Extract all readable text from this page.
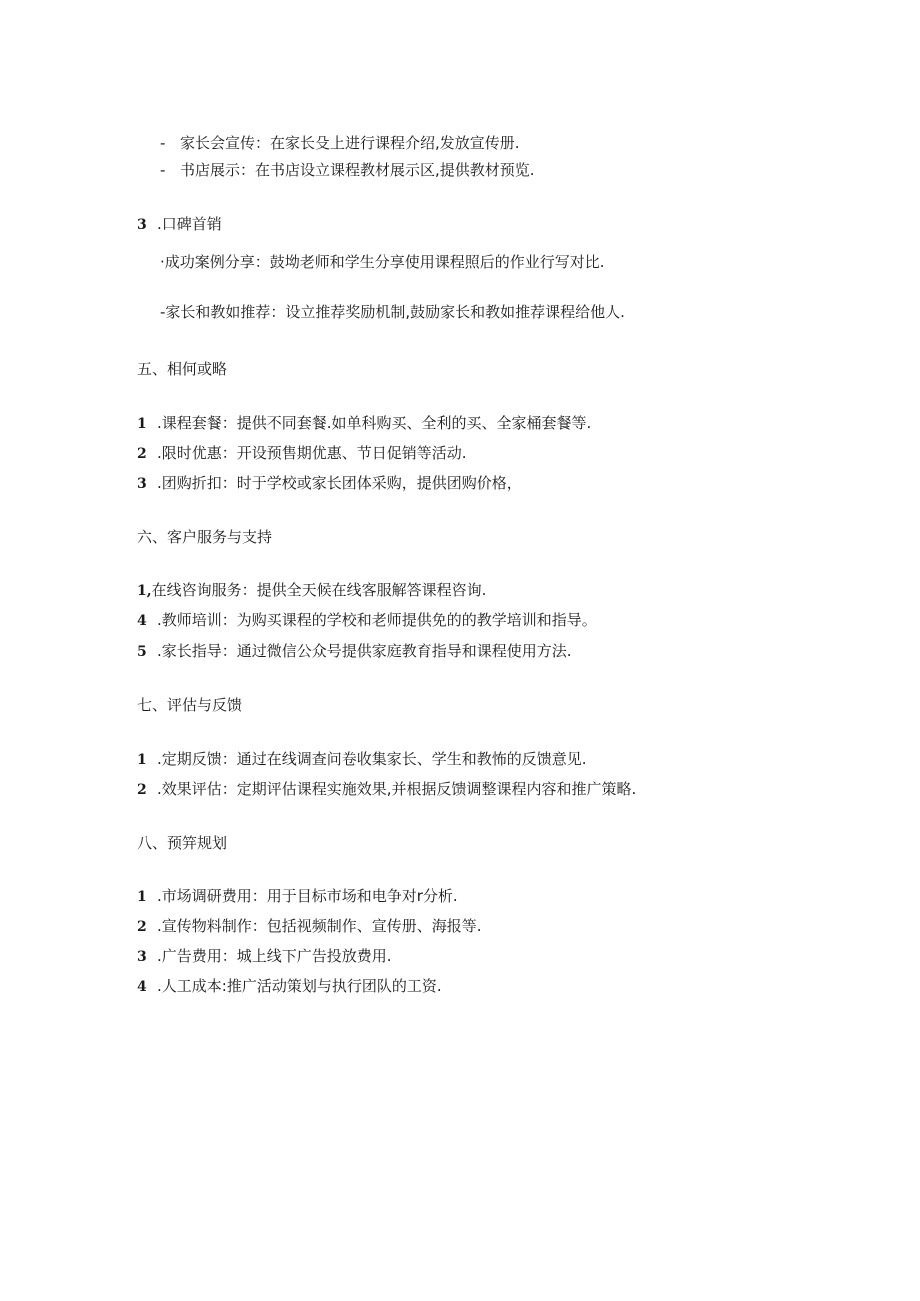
- 家长会宣传：在家长殳上进行课程介绍,发放宣传册.
- 书店展示：在书店设立课程教材展示区,提供教材预览.
3 .口碑首销
·成功案例分享：鼓坳老师和学生分享使用课程照后的作业行写对比.
-家长和教如推荐：设立推荐奖励机制,鼓励家长和教如推荐课程给他人.
五、相何或略
1 .课程套餐：提供不同套餐.如单科购买、全利的买、全家桶套餐等.
2 .限时优惠：开设预售期优惠、节日促销等活动.
3 .团购折扣：时于学校或家长团体采购，提供团购价格，
六、客户服务与支持
1,在线咨询服务：提供全天候在线客服解答课程咨询.
4 .教师培训：为购买课程的学校和老师提供免的的教学培训和指导。
5 .家长指导：通过微信公众号提供家庭教育指导和课程使用方法.
七、评估与反馈
1 .定期反馈：通过在线调查问卷收集家长、学生和教怖的反馈意见.
2 .效果评估：定期评估课程实施效果,并根据反馈调整课程内容和推广策略.
八、预笄规划
1 .市场调研费用：用于目标市场和电争对r分析.
2 .宣传物料制作：包括视频制作、宣传册、海报等.
3 .广告费用：城上线下广告投放费用.
4 .人工成本:推广活动策划与执行团队的工资.
